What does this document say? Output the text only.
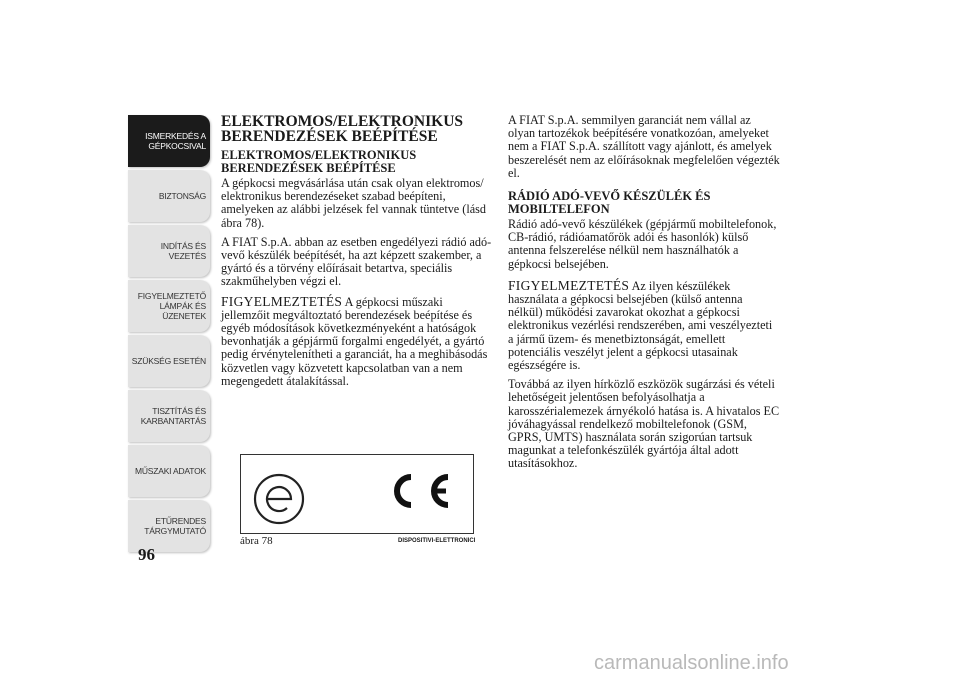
ISMERKEDÉS A GÉPKOCSIVAL
BIZTONSÁG
INDÍTÁS ÉS VEZETÉS
FIGYELMEZTETŐ LÁMPÁK ÉS ÜZENETEK
SZÜKSÉG ESETÉN
TISZTÍTÁS ÉS KARBANTARTÁS
MŰSZAKI ADATOK
ETŰRENDES TÁRGYMUTATÓ
96
ELEKTROMOS/ELEKTRONIKUS BERENDEZÉSEK BEÉPÍTÉSE
ELEKTROMOS/ELEKTRONIKUS BERENDEZÉSEK BEÉPÍTÉSE

A gépkocsi megvásárlása után csak olyan elektromos/ elektronikus berendezéseket szabad beépíteni, amelyeken az alábbi jelzések fel vannak tüntetve (lásd ábra 78).

A FIAT S.p.A. abban az esetben engedélyezi rádió adó-vevő készülék beépítését, ha azt képzett szakember, a gyártó és a törvény előírásait betartva, speciális szakműhelyben végzi el.

FIGYELMEZTETÉS A gépkocsi műszaki jellemzőit megváltoztató berendezések beépítése és egyéb módosítások következményeként a hatóságok bevonhatják a gépjármű forgalmi engedélyét, a gyártó pedig érvénytelenítheti a garanciát, ha a meghibásodás közvetlen vagy közvetett kapcsolatban van a nem megengedett átalakítással.

A FIAT S.p.A. semmilyen garanciát nem vállal az olyan tartozékok beépítésére vonatkozóan, amelyeket nem a FIAT S.p.A. szállított vagy ajánlott, és amelyek beszerelését nem az előírásoknak megfelelően végezték el.

RÁDIÓ ADÓ-VEVŐ KÉSZÜLÉK ÉS MOBILTELEFON

Rádió adó-vevő készülékek (gépjármű mobiltelefonok, CB-rádió, rádióamatőrök adói és hasonlók) külső antenna felszerelése nélkül nem használhatók a gépkocsi belsejében.

FIGYELMEZTETÉS Az ilyen készülékek használata a gépkocsi belsejében (külső antenna nélkül) működési zavarokat okozhat a gépkocsi elektronikus vezérlési rendszerében, ami veszélyezteti a jármű üzem- és menetbiztonságát, emellett potenciális veszélyt jelent a gépkocsi utasainak egészségére is.

Továbbá az ilyen hírközlő eszközök sugárzási és vételi lehetőségeit jelentősen befolyásolhatja a karosszérialemezek árnyékoló hatása is. A hivatalos EC jóváhagyással rendelkező mobiltelefonok (GSM, GPRS, UMTS) használata során szigorúan tartsuk magunkat a telefonkészülék gyártója által adott utasításokhoz.

ábra 78	DISPOSITIVI-ELETTRONICI
carmanualsonline.info
